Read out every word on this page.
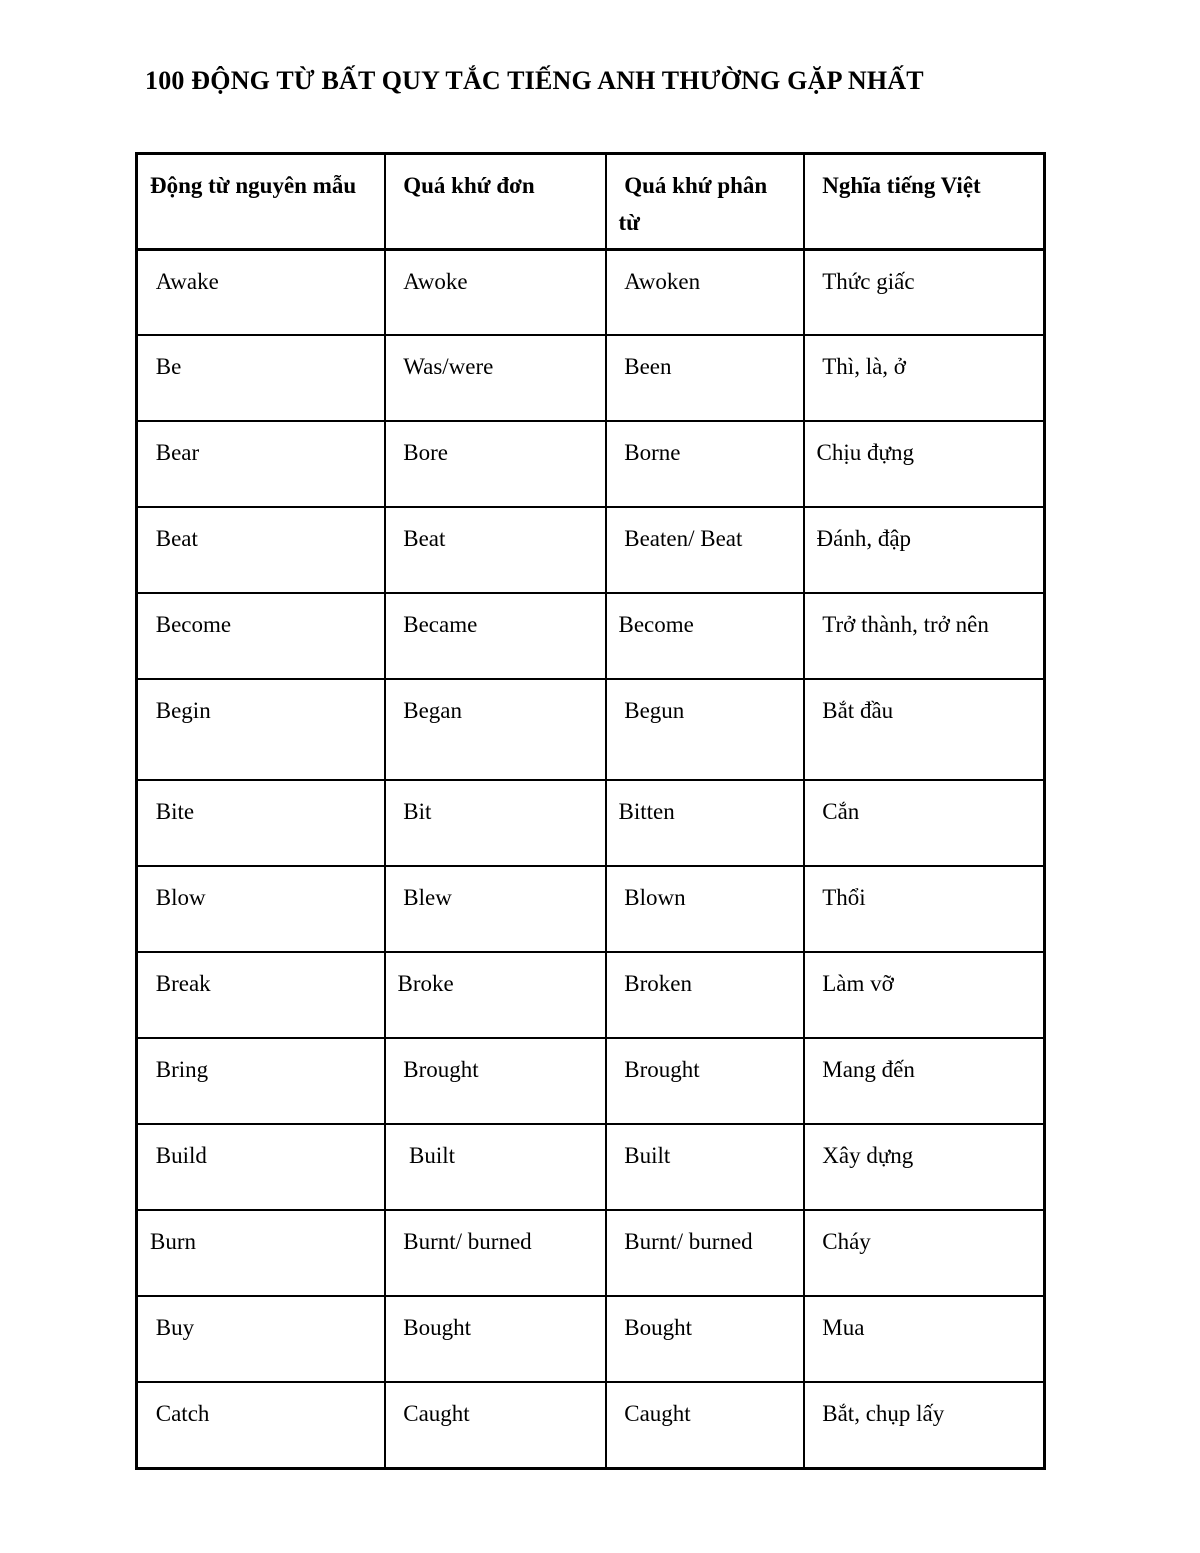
100 ĐỘNG TỪ BẤT QUY TẮC TIẾNG ANH THƯỜNG GẶP NHẤT
Động từ nguyên mẫu	Quá khứ đơn	Quá khứ phân từ	Nghĩa tiếng Việt
Awake	Awoke	Awoken	Thức giấc
Be	Was/were	Been	Thì, là, ở
Bear	Bore	Borne	Chịu đựng
Beat	Beat	Beaten/ Beat	Đánh, đập
Become	Became	Become	Trở thành, trở nên
Begin	Began	Begun	Bắt đầu
Bite	Bit	Bitten	Cắn
Blow	Blew	Blown	Thổi
Break	Broke	Broken	Làm vỡ
Bring	Brought	Brought	Mang đến
Build	Built	Built	Xây dựng
Burn	Burnt/ burned	Burnt/ burned	Cháy
Buy	Bought	Bought	Mua
Catch	Caught	Caught	Bắt, chụp lấy
